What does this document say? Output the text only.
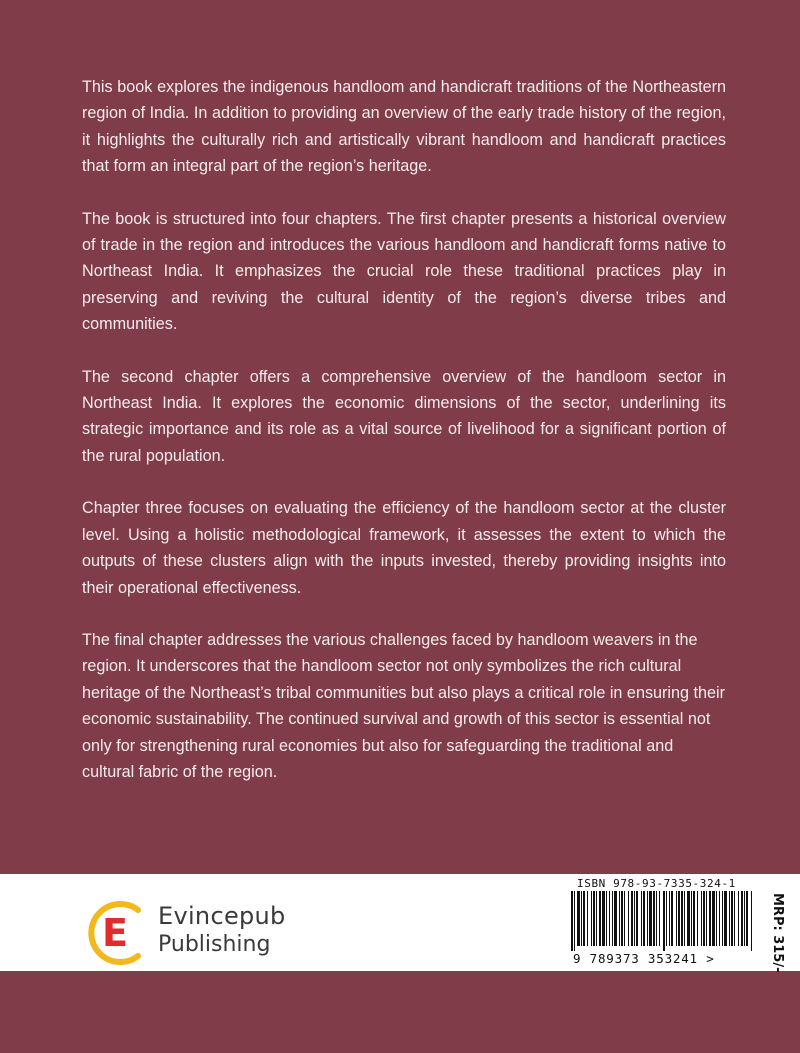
This book explores the indigenous handloom and handicraft traditions of the Northeastern region of India. In addition to providing an overview of the early trade history of the region, it highlights the culturally rich and artistically vibrant handloom and handicraft practices that form an integral part of the region’s heritage.

The book is structured into four chapters. The first chapter presents a historical overview of trade in the region and introduces the various handloom and handicraft forms native to Northeast India. It emphasizes the crucial role these traditional practices play in preserving and reviving the cultural identity of the region’s diverse tribes and communities.

The second chapter offers a comprehensive overview of the handloom sector in Northeast India. It explores the economic dimensions of the sector, underlining its strategic importance and its role as a vital source of livelihood for a significant portion of the rural population.

Chapter three focuses on evaluating the efficiency of the handloom sector at the cluster level. Using a holistic methodological framework, it assesses the extent to which the outputs of these clusters align with the inputs invested, thereby providing insights into their operational effectiveness.

The final chapter addresses the various challenges faced by handloom weavers in the region. It underscores that the handloom sector not only symbolizes the rich cultural heritage of the Northeast’s tribal communities but also plays a critical role in ensuring their economic sustainability. The continued survival and growth of this sector is essential not only for strengthening rural economies but also for safeguarding the traditional and cultural fabric of the region.

E Evincepub
Publishing
ISBN 978-93-7335-324-1
9 789373 353241 >	MRP: 315/-
